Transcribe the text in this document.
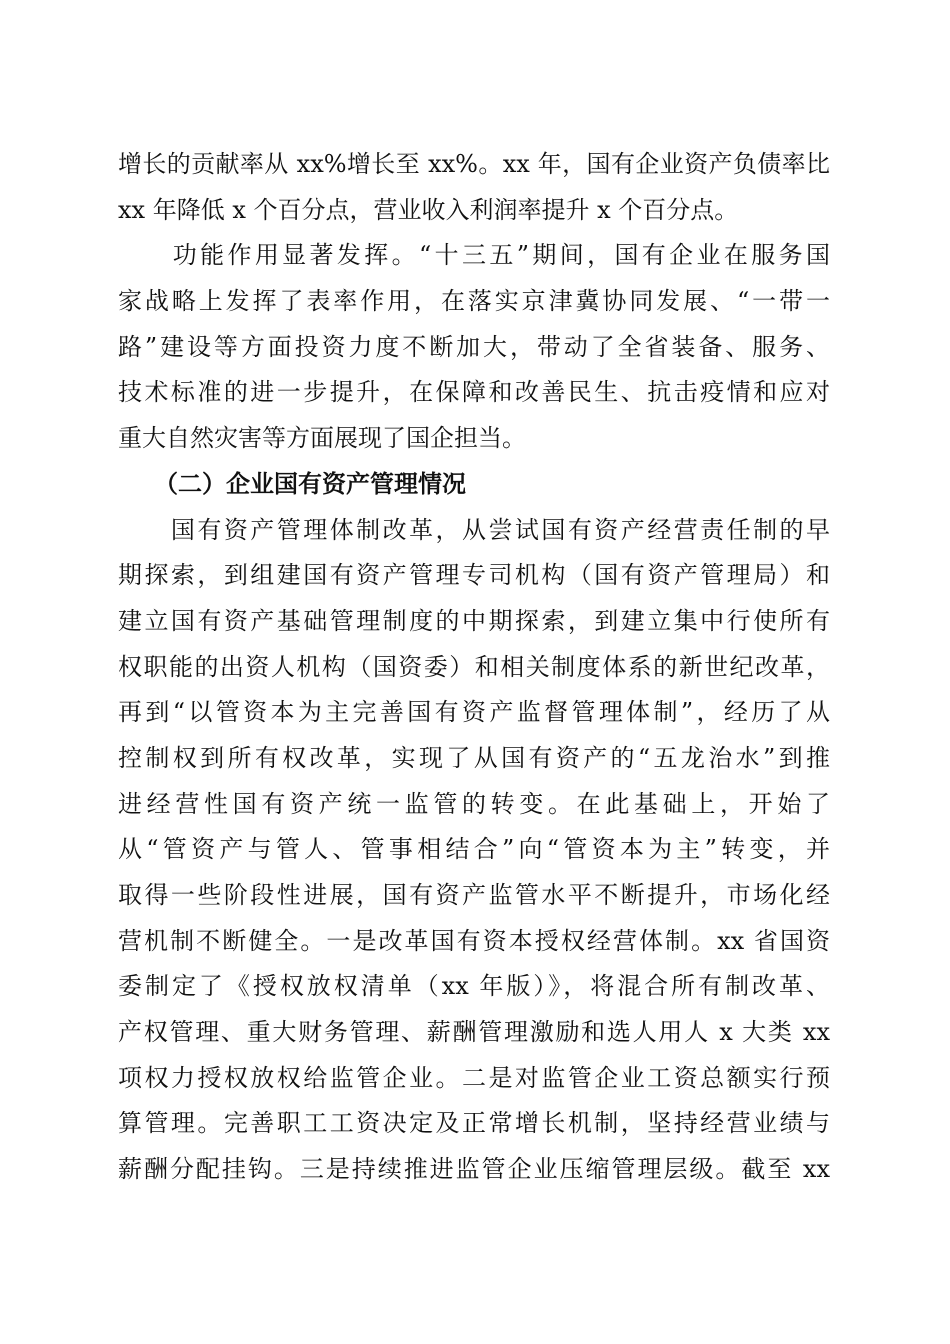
增长的贡献率从 xx%增长至 xx%。xx 年，国有企业资产负债率比
xx 年降低 x 个百分点，营业收入利润率提升 x 个百分点。
　　功能作用显著发挥。“十三五”期间，国有企业在服务国
家战略上发挥了表率作用，在落实京津冀协同发展、“一带一
路”建设等方面投资力度不断加大，带动了全省装备、服务、
技术标准的进一步提升，在保障和改善民生、抗击疫情和应对
重大自然灾害等方面展现了国企担当。
　　（二）企业国有资产管理情况
　　国有资产管理体制改革，从尝试国有资产经营责任制的早
期探索，到组建国有资产管理专司机构（国有资产管理局）和
建立国有资产基础管理制度的中期探索，到建立集中行使所有
权职能的出资人机构（国资委）和相关制度体系的新世纪改革，
再到“以管资本为主完善国有资产监督管理体制”，经历了从
控制权到所有权改革，实现了从国有资产的“五龙治水”到推
进经营性国有资产统一监管的转变。在此基础上，开始了
从“管资产与管人、管事相结合”向“管资本为主”转变，并
取得一些阶段性进展，国有资产监管水平不断提升，市场化经
营机制不断健全。一是改革国有资本授权经营体制。xx 省国资
委制定了《授权放权清单（xx 年版）》，将混合所有制改革、
产权管理、重大财务管理、薪酬管理激励和选人用人 x 大类 xx
项权力授权放权给监管企业。二是对监管企业工资总额实行预
算管理。完善职工工资决定及正常增长机制，坚持经营业绩与
薪酬分配挂钩。三是持续推进监管企业压缩管理层级。截至 xx
